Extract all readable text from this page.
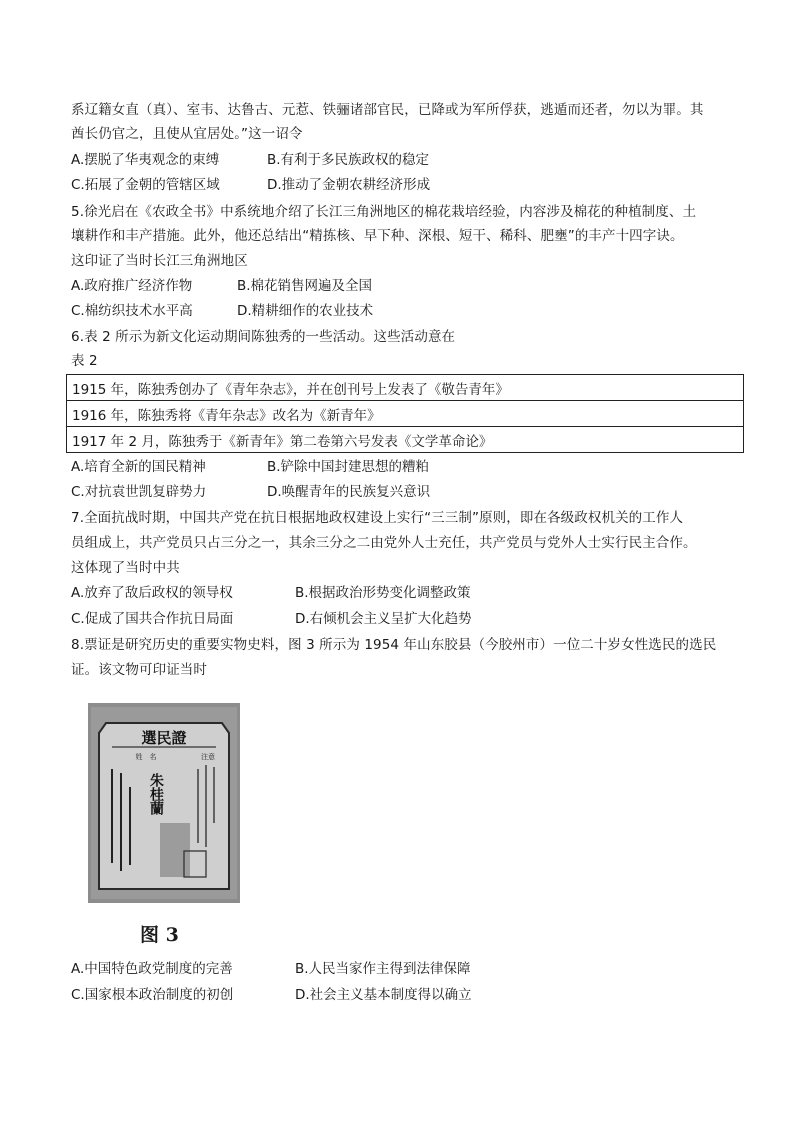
系辽籍女直（真）、室韦、达鲁古、元惹、铁骊诸部官民，已降或为军所俘获，逃遁而还者，勿以为罪。其
酋长仍官之，且使从宜居处。”这一诏令
A.摆脱了华夷观念的束缚	B.有利于多民族政权的稳定
C.拓展了金朝的管辖区域	D.推动了金朝农耕经济形成
5.徐光启在《农政全书》中系统地介绍了长江三角洲地区的棉花栽培经验，内容涉及棉花的种植制度、土
壤耕作和丰产措施。此外，他还总结出“精拣核、早下种、深根、短干、稀科、肥壅”的丰产十四字诀。
这印证了当时长江三角洲地区
A.政府推广经济作物	B.棉花销售网遍及全国
C.棉纺织技术水平高	D.精耕细作的农业技术
6.表 2 所示为新文化运动期间陈独秀的一些活动。这些活动意在
表 2
1915 年，陈独秀创办了《青年杂志》，并在创刊号上发表了《敬告青年》
1916 年，陈独秀将《青年杂志》改名为《新青年》
1917 年 2 月，陈独秀于《新青年》第二卷第六号发表《文学革命论》
A.培育全新的国民精神	B.铲除中国封建思想的糟粕
C.对抗袁世凯复辟势力	D.唤醒青年的民族复兴意识
7.全面抗战时期，中国共产党在抗日根据地政权建设上实行“三三制”原则，即在各级政权机关的工作人
员组成上，共产党员只占三分之一，其余三分之二由党外人士充任，共产党员与党外人士实行民主合作。
这体现了当时中共
A.放弃了敌后政权的领导权	B.根据政治形势变化调整政策
C.促成了国共合作抗日局面	D.右倾机会主义呈扩大化趋势
8.票证是研究历史的重要实物史料，图 3 所示为 1954 年山东胶县（今胶州市）一位二十岁女性选民的选民
证。该文物可印证当时
選民證
姓　名	注意
朱桂蘭
图 3
A.中国特色政党制度的完善	B.人民当家作主得到法律保障
C.国家根本政治制度的初创	D.社会主义基本制度得以确立
